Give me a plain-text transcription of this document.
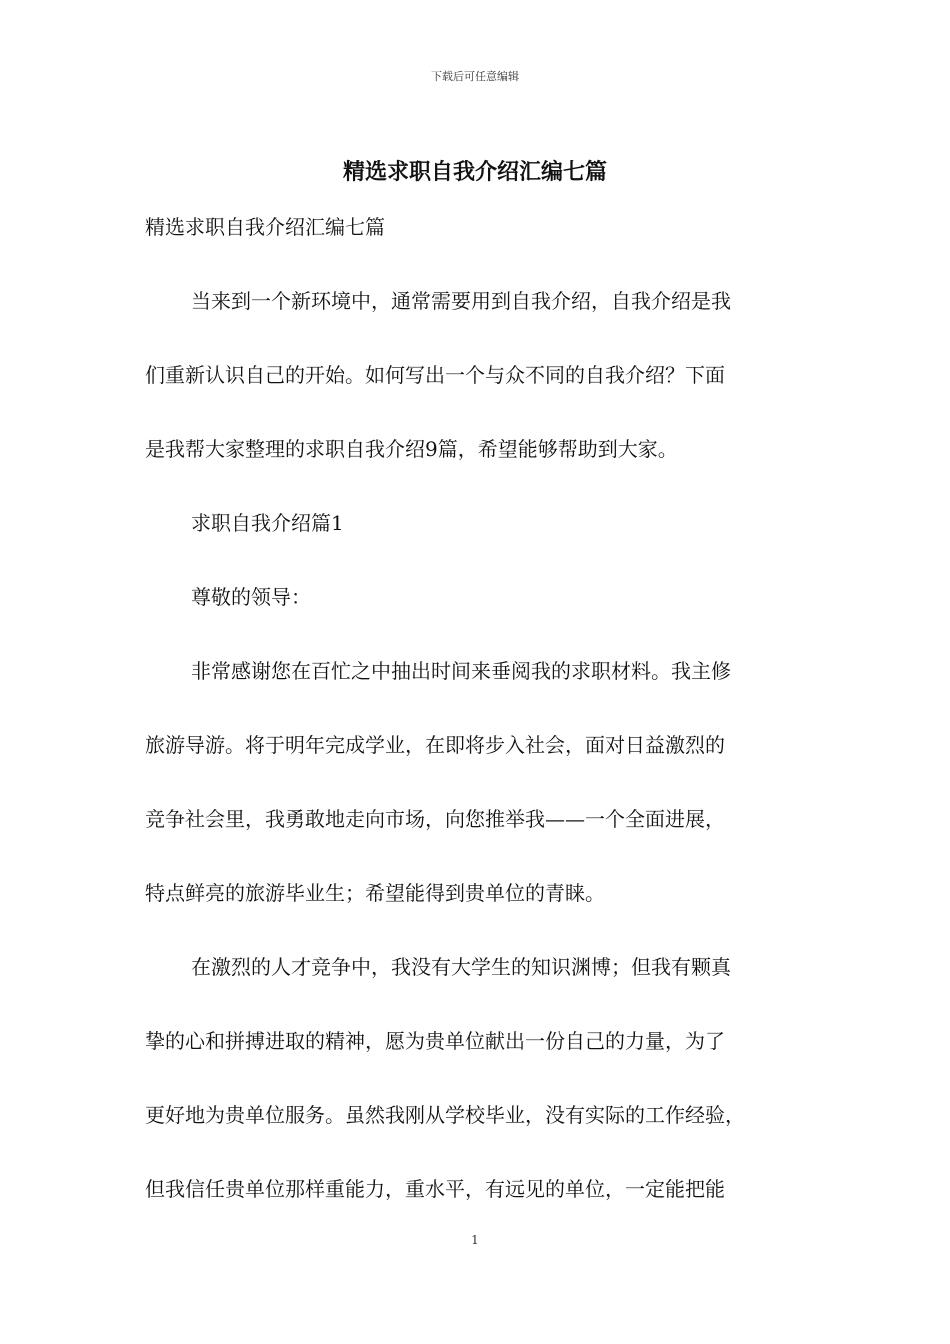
下载后可任意编辑
精选求职自我介绍汇编七篇
精选求职自我介绍汇编七篇
当来到一个新环境中，通常需要用到自我介绍，自我介绍是我
们重新认识自己的开始。如何写出一个与众不同的自我介绍？下面
是我帮大家整理的求职自我介绍9篇，希望能够帮助到大家。
求职自我介绍篇1
尊敬的领导：
非常感谢您在百忙之中抽出时间来垂阅我的求职材料。我主修
旅游导游。将于明年完成学业，在即将步入社会，面对日益激烈的
竞争社会里，我勇敢地走向市场，向您推举我——一个全面进展，
特点鲜亮的旅游毕业生；希望能得到贵单位的青睐。
在激烈的人才竞争中，我没有大学生的知识渊博；但我有颗真
挚的心和拼搏进取的精神，愿为贵单位献出一份自己的力量，为了
更好地为贵单位服务。虽然我刚从学校毕业，没有实际的工作经验，
但我信任贵单位那样重能力，重水平，有远见的单位，一定能把能
1
